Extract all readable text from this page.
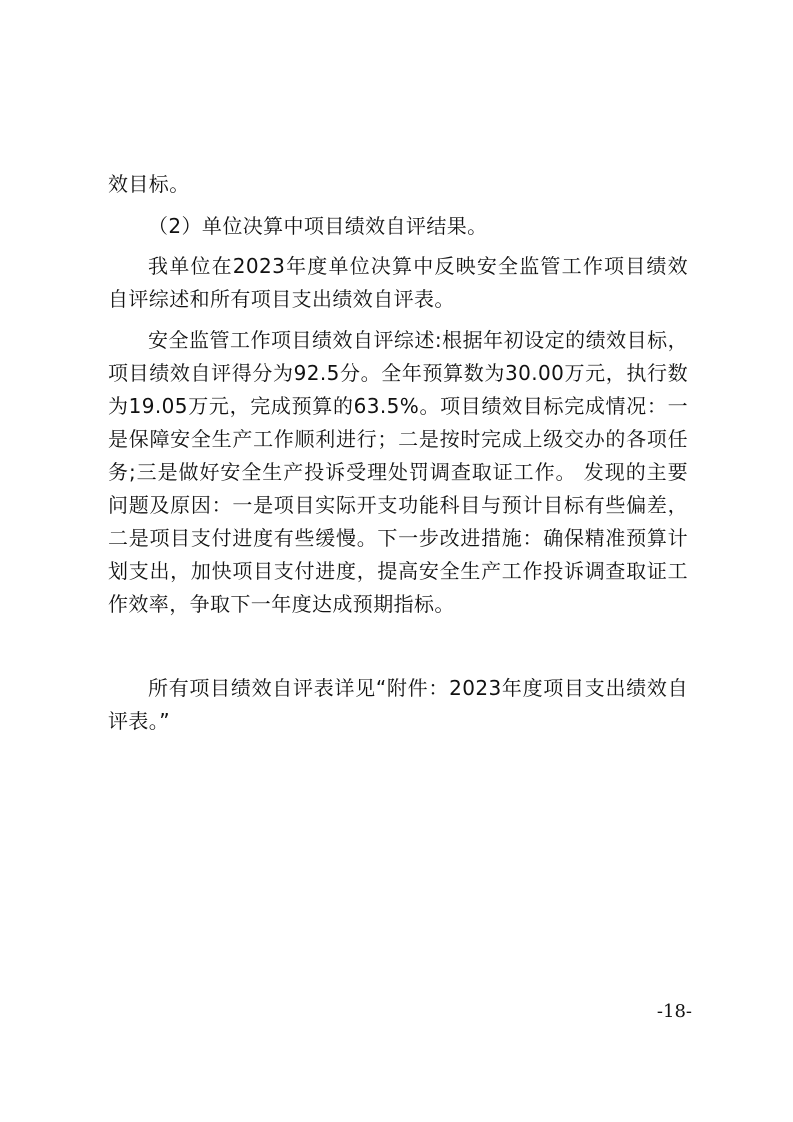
效目标。

（2）单位决算中项目绩效自评结果。

我单位在2023年度单位决算中反映安全监管工作项目绩效自评综述和所有项目支出绩效自评表。

安全监管工作项目绩效自评综述:根据年初设定的绩效目标，项目绩效自评得分为92.5分。全年预算数为30.00万元，执行数为19.05万元，完成预算的63.5%。项目绩效目标完成情况：一是保障安全生产工作顺利进行；二是按时完成上级交办的各项任务;三是做好安全生产投诉受理处罚调查取证工作。 发现的主要问题及原因：一是项目实际开支功能科目与预计目标有些偏差，二是项目支付进度有些缓慢。下一步改进措施：确保精准预算计划支出，加快项目支付进度，提高安全生产工作投诉调查取证工作效率，争取下一年度达成预期指标。

所有项目绩效自评表详见“附件：2023年度项目支出绩效自评表。”

-18-
